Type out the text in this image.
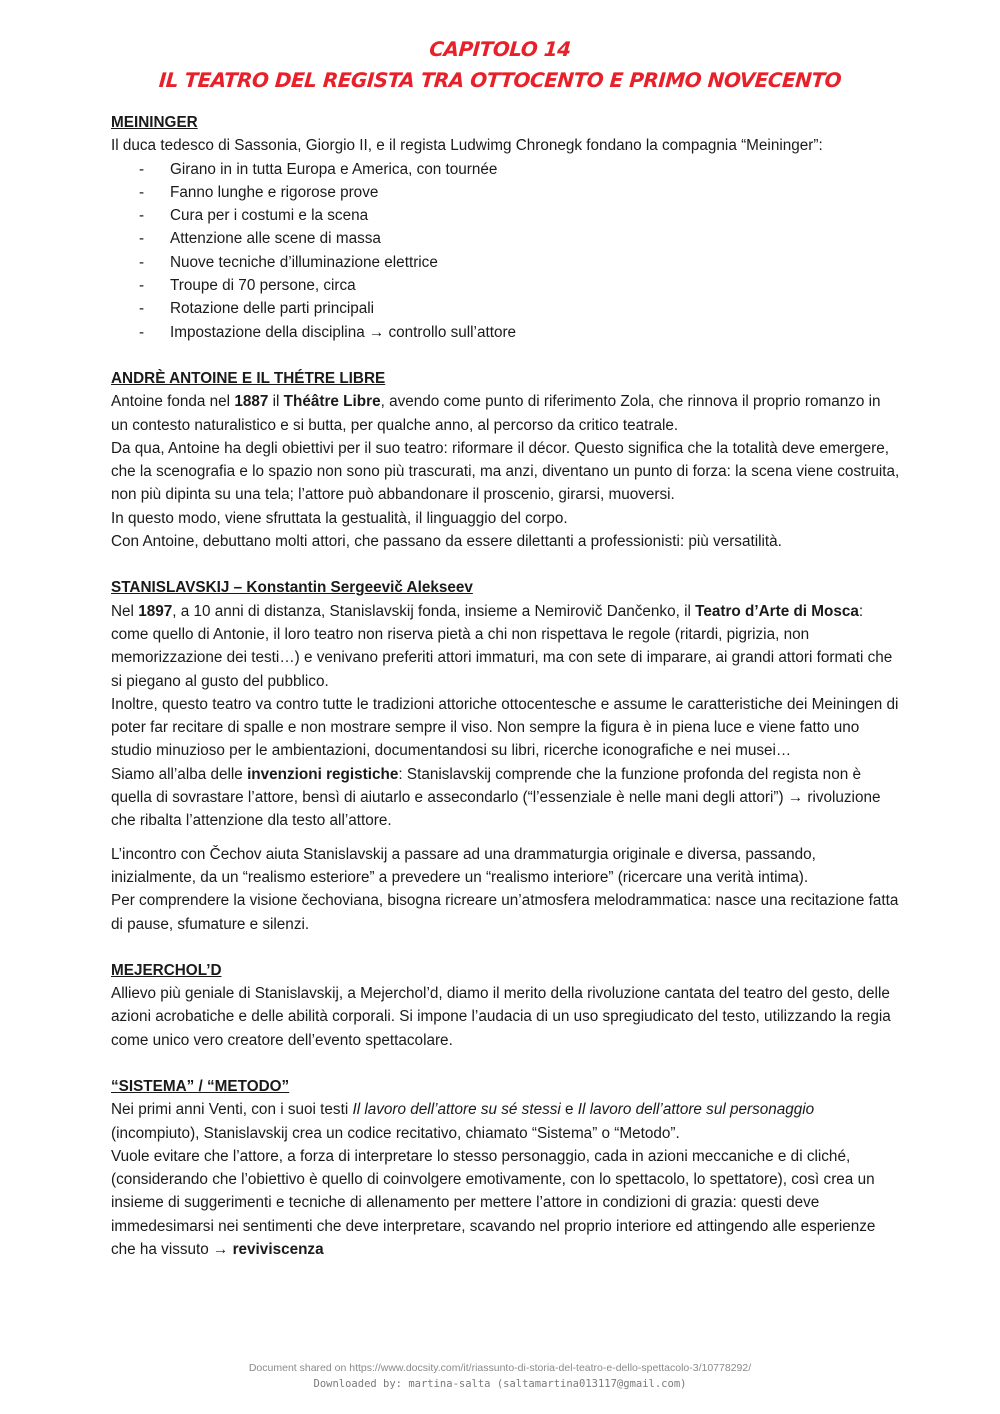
CAPITOLO 14
IL TEATRO DEL REGISTA TRA OTTOCENTO E PRIMO NOVECENTO
MEININGER

Il duca tedesco di Sassonia, Giorgio II, e il regista Ludwimg Chronegk fondano la compagnia “Meininger”:

- Girano in in tutta Europa e America, con tournée
- Fanno lunghe e rigorose prove
- Cura per i costumi e la scena
- Attenzione alle scene di massa
- Nuove tecniche d’illuminazione elettrice
- Troupe di 70 persone, circa
- Rotazione delle parti principali
- Impostazione della disciplina → controllo sull’attore
ANDRÈ ANTOINE E IL THÉTRE LIBRE

Antoine fonda nel 1887 il Théâtre Libre, avendo come punto di riferimento Zola, che rinnova il proprio romanzo in un contesto naturalistico e si butta, per qualche anno, al percorso da critico teatrale.

Da qua, Antoine ha degli obiettivi per il suo teatro: riformare il décor. Questo significa che la totalità deve emergere, che la scenografia e lo spazio non sono più trascurati, ma anzi, diventano un punto di forza: la scena viene costruita, non più dipinta su una tela; l’attore può abbandonare il proscenio, girarsi, muoversi.

In questo modo, viene sfruttata la gestualità, il linguaggio del corpo.

Con Antoine, debuttano molti attori, che passano da essere dilettanti a professionisti: più versatilità.

STANISLAVSKIJ – Konstantin Sergeevič Alekseev

Nel 1897, a 10 anni di distanza, Stanislavskij fonda, insieme a Nemirovič Dančenko, il Teatro d’Arte di Mosca: come quello di Antonie, il loro teatro non riserva pietà a chi non rispettava le regole (ritardi, pigrizia, non memorizzazione dei testi…) e venivano preferiti attori immaturi, ma con sete di imparare, ai grandi attori formati che si piegano al gusto del pubblico.

Inoltre, questo teatro va contro tutte le tradizioni attoriche ottocentesche e assume le caratteristiche dei Meiningen di poter far recitare di spalle e non mostrare sempre il viso. Non sempre la figura è in piena luce e viene fatto uno studio minuzioso per le ambientazioni, documentandosi su libri, ricerche iconografiche e nei musei…

Siamo all’alba delle invenzioni registiche: Stanislavskij comprende che la funzione profonda del regista non è quella di sovrastare l’attore, bensì di aiutarlo e assecondarlo (“l’essenziale è nelle mani degli attori”) → rivoluzione che ribalta l’attenzione dla testo all’attore.

L’incontro con Čechov aiuta Stanislavskij a passare ad una drammaturgia originale e diversa, passando, inizialmente, da un “realismo esteriore” a prevedere un “realismo interiore” (ricercare una verità intima).

Per comprendere la visione čechoviana, bisogna ricreare un’atmosfera melodrammatica: nasce una recitazione fatta di pause, sfumature e silenzi.

MEJERCHOL’D

Allievo più geniale di Stanislavskij, a Mejerchol’d, diamo il merito della rivoluzione cantata del teatro del gesto, delle azioni acrobatiche e delle abilità corporali. Si impone l’audacia di un uso spregiudicato del testo, utilizzando la regia come unico vero creatore dell’evento spettacolare.

“SISTEMA” / “METODO”

Nei primi anni Venti, con i suoi testi Il lavoro dell’attore su sé stessi e Il lavoro dell’attore sul personaggio (incompiuto), Stanislavskij crea un codice recitativo, chiamato “Sistema” o “Metodo”.

Vuole evitare che l’attore, a forza di interpretare lo stesso personaggio, cada in azioni meccaniche e di cliché, (considerando che l’obiettivo è quello di coinvolgere emotivamente, con lo spettacolo, lo spettatore), così crea un insieme di suggerimenti e tecniche di allenamento per mettere l’attore in condizioni di grazia: questi deve immedesimarsi nei sentimenti che deve interpretare, scavando nel proprio interiore ed attingendo alle esperienze che ha vissuto → reviviscenza

Document shared on https://www.docsity.com/it/riassunto-di-storia-del-teatro-e-dello-spettacolo-3/10778292/
Downloaded by: martina-salta (saltamartina013117@gmail.com)
